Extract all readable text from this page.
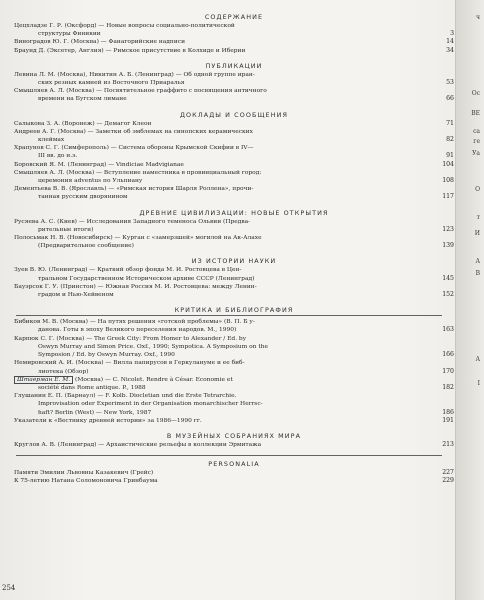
ч
Ос
ВЕ
са
ге
Уа
О
т
И
А
В
А
І
СОДЕРЖАНИЕ
Цецхладзе Г. Р. (Оксфорд) — Новые вопросы социально-политической
структуры Финикии	3
Виноградов Ю. Г. (Москва) — Фанагорийские надписи	14
Браунд Д. (Эксетер, Англия) — Римское присутствие в Колхиде и Иберии	34
ПУБЛИКАЦИИ
Левина Л. М. (Москва), Никитин А. Б. (Ленинград) — Об одной группе иран-
ских резных камней из Восточного Приаралья	53
Смышляев А. Л. (Москва) — Посвятительное граффито с посвящения античного
времени на Бугском лимане	66
ДОКЛАДЫ И СООБЩЕНИЯ
Салыкова З. А. (Воронеж) — Демагог Клеон	71
Андреев А. Г. (Москва) — Заметки об эмблемах на синопских керамических
клеймах	82
Храпунов С. Г. (Симферополь) — Система обороны Крымской Скифии в IV—
III вв. до н.э.	91
Боровский Я. М. (Ленинград) — Vindiciae Madvigianae	104
Смышляев А. Л. (Москва) — Вступление наместника в провинциальный город:
церемония adventus по Ульпиану	108
Дементьева В. В. (Ярославль) — «Римская история Шарля Роллена», прочи-
танная русским дворянином	117
ДРЕВНИЕ ЦИВИЛИЗАЦИИ: НОВЫЕ ОТКРЫТИЯ
Русяева А. С. (Киев) — Исследования Западного теменоса Ольвии (Предва-
рительные итоги)	123
Полосьмак Н. В. (Новосибирск) — Курган с «замерзшей» могилой на Ак-Алахе
(Предварительное сообщение)	139
ИЗ ИСТОРИИ НАУКИ
Зуев В. Ю. (Ленинград) — Краткий обзор фонда М. И. Ростовцева в Цен-
тральном Государственном Историческом архиве СССР (Ленинград)	145
Бауэрсок Г. У. (Принстон) — Южная Россия М. И. Ростовцева: между Ленин-
градом и Нью-Хейвеном	152
КРИТИКА И БИБЛИОГРАФИЯ
Бибиков М. В. (Москва) — На путях решения «готской проблемы» (В. П. Б у-
данова. Готы в эпоху Великого переселения народов. М., 1990)	163
Карпюк С. Г. (Москва) — The Greek City: From Homer to Alexander / Ed. by
Oswyn Murray and Simon Price. Oxf., 1990; Sympotica. A Symposium on the
Symposion / Ed. by Oswyn Murray. Oxf., 1990	166
Немировский А. И. (Москва) — Вилла папирусов в Геркулануме и ее биб-
лиотека (Обзор)	170
Штаерман Е. М. (Москва) — C. Nicolet. Rendre à César. Economie et
société dans Rome antique. P., 1988	182
Глушанин Е. П. (Барнаул) — F. Kolb. Diocletian und die Erste Tetrarchie.
Improvisation oder Experiment in der Organisation monarchischer Herrsc-
haft? Berlin (West) — New York, 1987	186
Указатели к «Вестнику древней истории» за 1986—1990 гг.	191
В МУЗЕЙНЫХ СОБРАНИЯХ МИРА
Круглов А. В. (Ленинград) — Архаистические рельефы в коллекции Эрмитажа	213
PERSONALIA
Памяти Эмилии Львовны Казакевич (Грейс)	227
К 75-летию Натана Соломоновича Гринбаума	229
254
